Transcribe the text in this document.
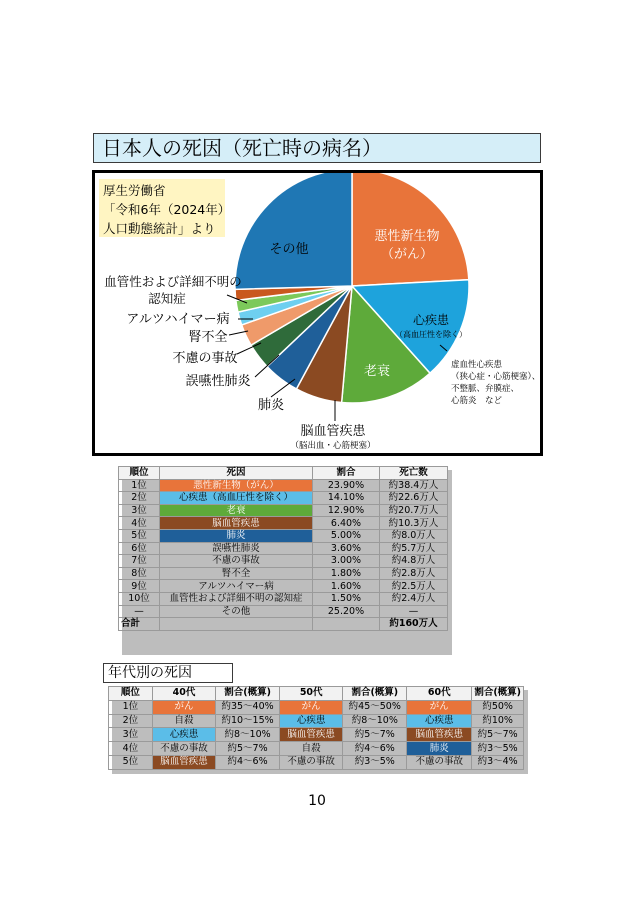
日本人の死因（死亡時の病名）
厚生労働省
「令和6年（2024年）
人口動態統計」より
悪性新生物
（がん）
心疾患
（高血圧性を除く）
老衰
その他
脳血管疾患
（脳出血・心筋梗塞）
肺炎
誤嚥性肺炎
不慮の事故
腎不全
アルツハイマー病
血管性および詳細不明の
認知症
虚血性心疾患
（狭心症・心筋梗塞）、
不整脈、弁膜症、
心筋炎　など
順位	死因	割合	死亡数
1位	悪性新生物（がん）	23.90%	約38.4万人
2位	心疾患（高血圧性を除く）	14.10%	約22.6万人
3位	老衰	12.90%	約20.7万人
4位	脳血管疾患	6.40%	約10.3万人
5位	肺炎	5.00%	約8.0万人
6位	誤嚥性肺炎	3.60%	約5.7万人
7位	不慮の事故	3.00%	約4.8万人
8位	腎不全	1.80%	約2.8万人
9位	アルツハイマー病	1.60%	約2.5万人
10位	血管性および詳細不明の認知症	1.50%	約2.4万人
—	その他	25.20%	—
合計			約160万人
年代別の死因
順位	40代	割合(概算)	50代	割合(概算)	60代	割合(概算)
1位	がん	約35～40%	がん	約45～50%	がん	約50%
2位	自殺	約10～15%	心疾患	約8～10%	心疾患	約10%
3位	心疾患	約8～10%	脳血管疾患	約5～7%	脳血管疾患	約5～7%
4位	不慮の事故	約5～7%	自殺	約4～6%	肺炎	約3～5%
5位	脳血管疾患	約4～6%	不慮の事故	約3～5%	不慮の事故	約3～4%
10
